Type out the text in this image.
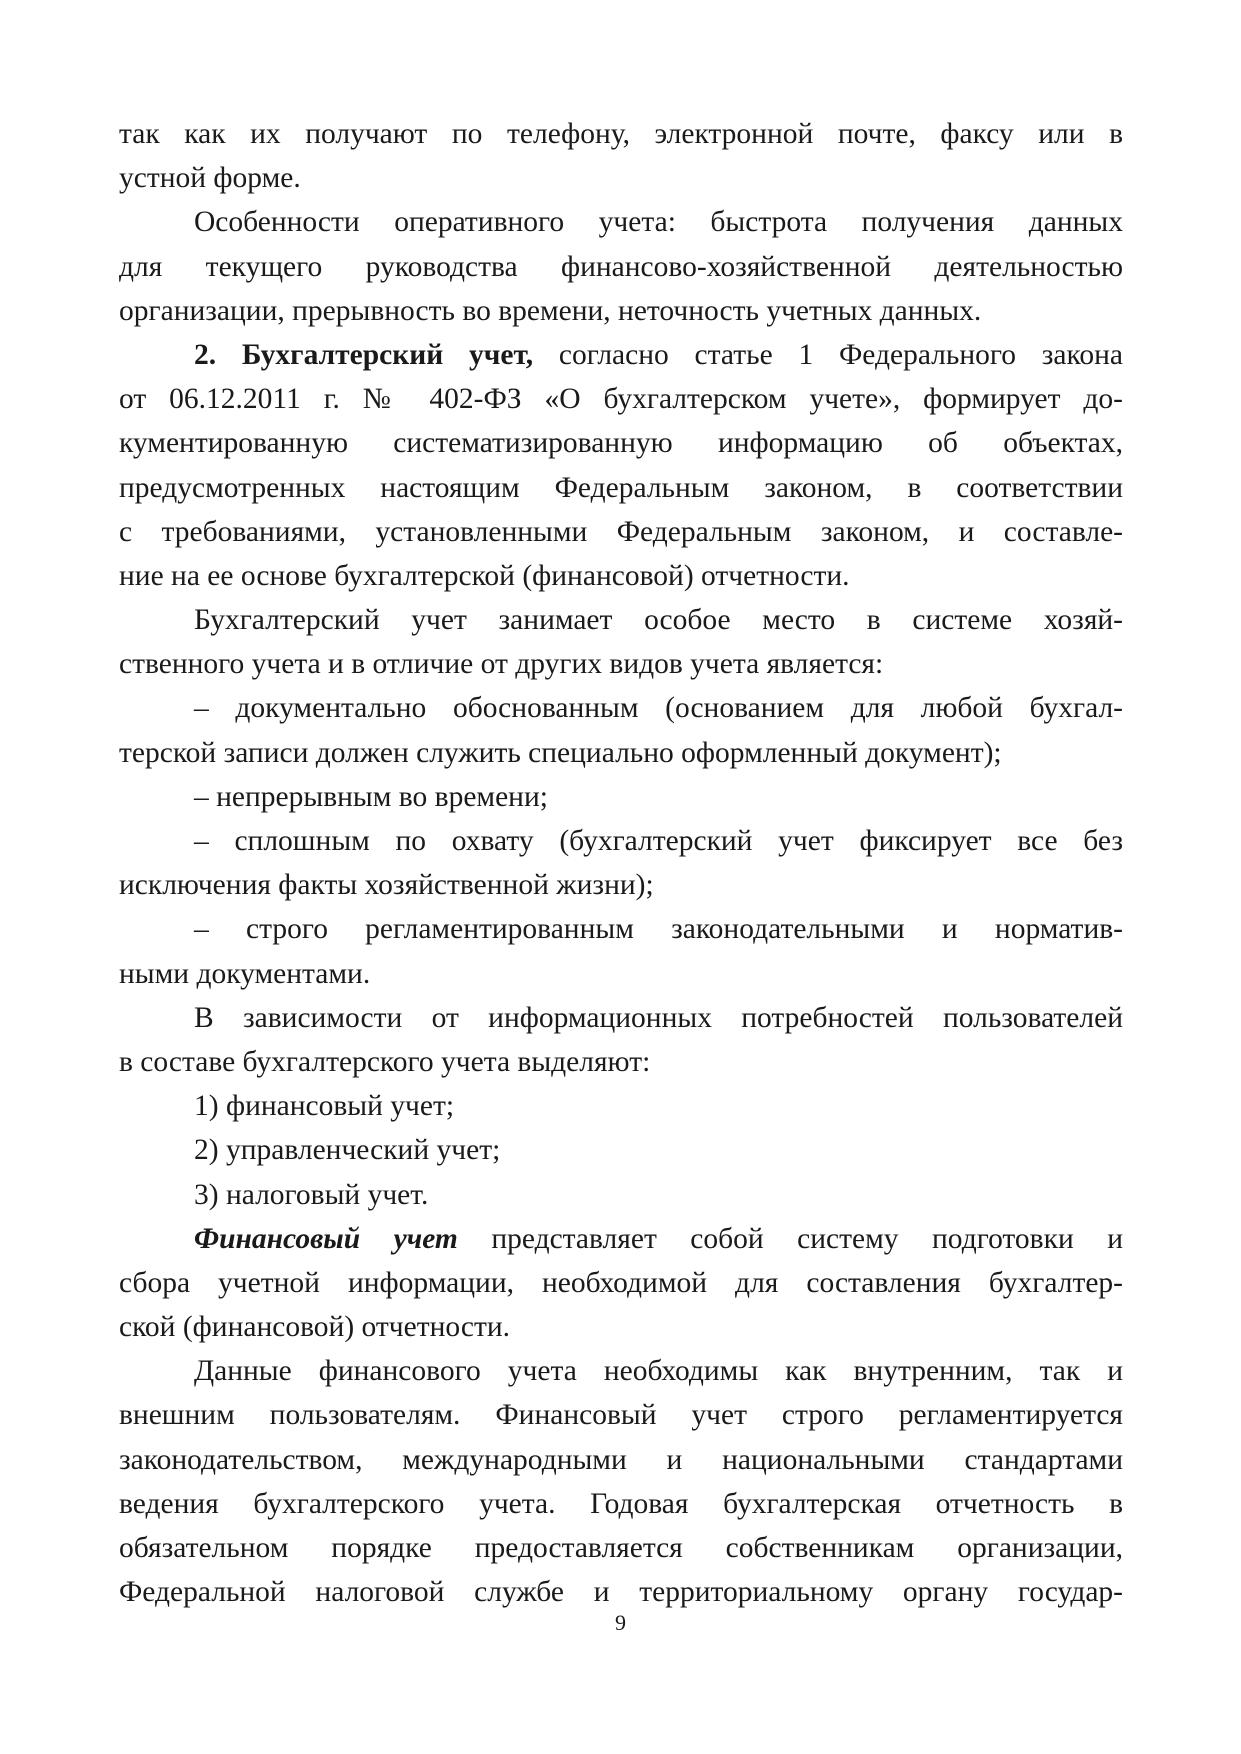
так как их получают по телефону, электронной почте, факсу или в
устной форме.
Особенности оперативного учета: быстрота получения данных
для текущего руководства финансово-хозяйственной деятельностью
организации, прерывность во времени, неточность учетных данных.
2. Бухгалтерский учет, согласно статье 1 Федерального закона
от 06.12.2011 г. № 402-ФЗ «О бухгалтерском учете», формирует до-
кументированную систематизированную информацию об объектах,
предусмотренных настоящим Федеральным законом, в соответствии
с требованиями, установленными Федеральным законом, и составле-
ние на ее основе бухгалтерской (финансовой) отчетности.
Бухгалтерский учет занимает особое место в системе хозяй-
ственного учета и в отличие от других видов учета является:
– документально обоснованным (основанием для любой бухгал-
терской записи должен служить специально оформленный документ);
– непрерывным во времени;
– сплошным по охвату (бухгалтерский учет фиксирует все без
исключения факты хозяйственной жизни);
– строго регламентированным законодательными и норматив-
ными документами.
В зависимости от информационных потребностей пользователей
в составе бухгалтерского учета выделяют:
1) финансовый учет;
2) управленческий учет;
3) налоговый учет.
Финансовый учет представляет собой систему подготовки и
сбора учетной информации, необходимой для составления бухгалтер-
ской (финансовой) отчетности.
Данные финансового учета необходимы как внутренним, так и
внешним пользователям. Финансовый учет строго регламентируется
законодательством, международными и национальными стандартами
ведения бухгалтерского учета. Годовая бухгалтерская отчетность в
обязательном порядке предоставляется собственникам организации,
Федеральной налоговой службе и территориальному органу государ-
9
